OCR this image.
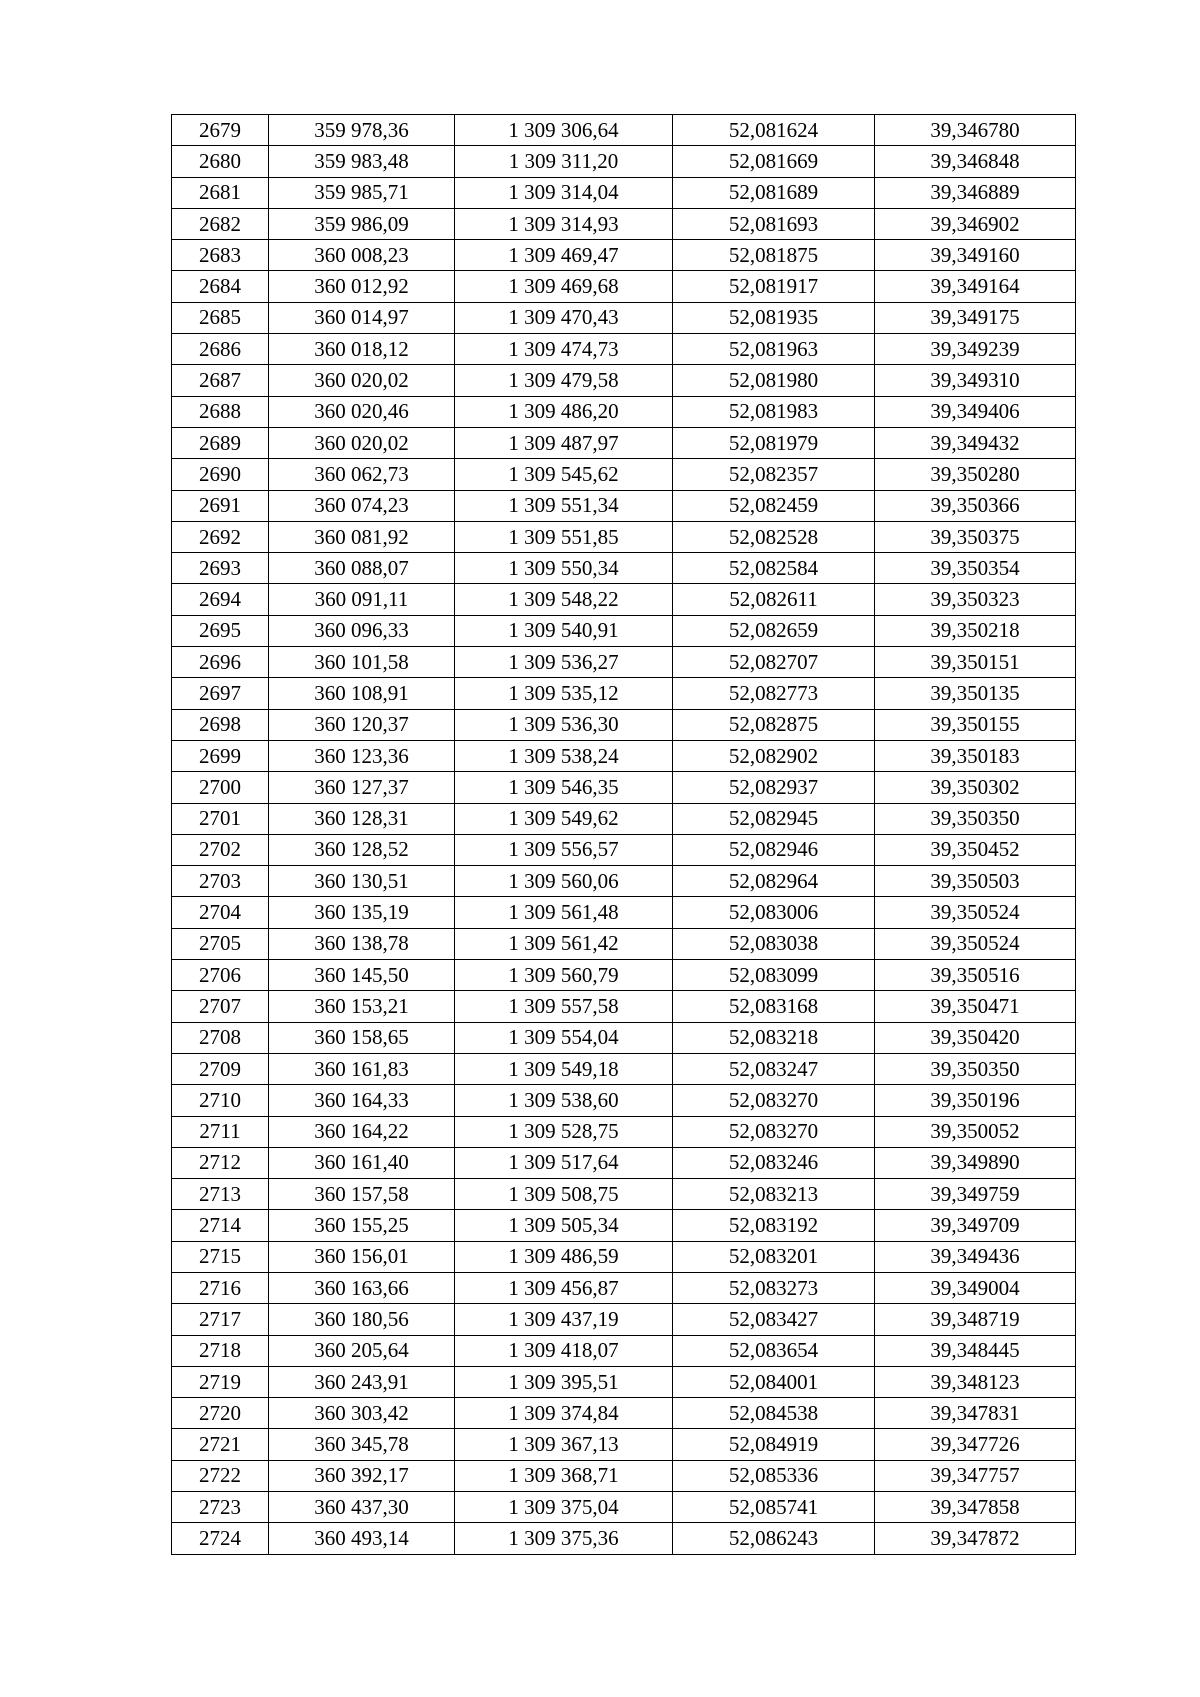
2679	359 978,36	1 309 306,64	52,081624	39,346780
2680	359 983,48	1 309 311,20	52,081669	39,346848
2681	359 985,71	1 309 314,04	52,081689	39,346889
2682	359 986,09	1 309 314,93	52,081693	39,346902
2683	360 008,23	1 309 469,47	52,081875	39,349160
2684	360 012,92	1 309 469,68	52,081917	39,349164
2685	360 014,97	1 309 470,43	52,081935	39,349175
2686	360 018,12	1 309 474,73	52,081963	39,349239
2687	360 020,02	1 309 479,58	52,081980	39,349310
2688	360 020,46	1 309 486,20	52,081983	39,349406
2689	360 020,02	1 309 487,97	52,081979	39,349432
2690	360 062,73	1 309 545,62	52,082357	39,350280
2691	360 074,23	1 309 551,34	52,082459	39,350366
2692	360 081,92	1 309 551,85	52,082528	39,350375
2693	360 088,07	1 309 550,34	52,082584	39,350354
2694	360 091,11	1 309 548,22	52,082611	39,350323
2695	360 096,33	1 309 540,91	52,082659	39,350218
2696	360 101,58	1 309 536,27	52,082707	39,350151
2697	360 108,91	1 309 535,12	52,082773	39,350135
2698	360 120,37	1 309 536,30	52,082875	39,350155
2699	360 123,36	1 309 538,24	52,082902	39,350183
2700	360 127,37	1 309 546,35	52,082937	39,350302
2701	360 128,31	1 309 549,62	52,082945	39,350350
2702	360 128,52	1 309 556,57	52,082946	39,350452
2703	360 130,51	1 309 560,06	52,082964	39,350503
2704	360 135,19	1 309 561,48	52,083006	39,350524
2705	360 138,78	1 309 561,42	52,083038	39,350524
2706	360 145,50	1 309 560,79	52,083099	39,350516
2707	360 153,21	1 309 557,58	52,083168	39,350471
2708	360 158,65	1 309 554,04	52,083218	39,350420
2709	360 161,83	1 309 549,18	52,083247	39,350350
2710	360 164,33	1 309 538,60	52,083270	39,350196
2711	360 164,22	1 309 528,75	52,083270	39,350052
2712	360 161,40	1 309 517,64	52,083246	39,349890
2713	360 157,58	1 309 508,75	52,083213	39,349759
2714	360 155,25	1 309 505,34	52,083192	39,349709
2715	360 156,01	1 309 486,59	52,083201	39,349436
2716	360 163,66	1 309 456,87	52,083273	39,349004
2717	360 180,56	1 309 437,19	52,083427	39,348719
2718	360 205,64	1 309 418,07	52,083654	39,348445
2719	360 243,91	1 309 395,51	52,084001	39,348123
2720	360 303,42	1 309 374,84	52,084538	39,347831
2721	360 345,78	1 309 367,13	52,084919	39,347726
2722	360 392,17	1 309 368,71	52,085336	39,347757
2723	360 437,30	1 309 375,04	52,085741	39,347858
2724	360 493,14	1 309 375,36	52,086243	39,347872
